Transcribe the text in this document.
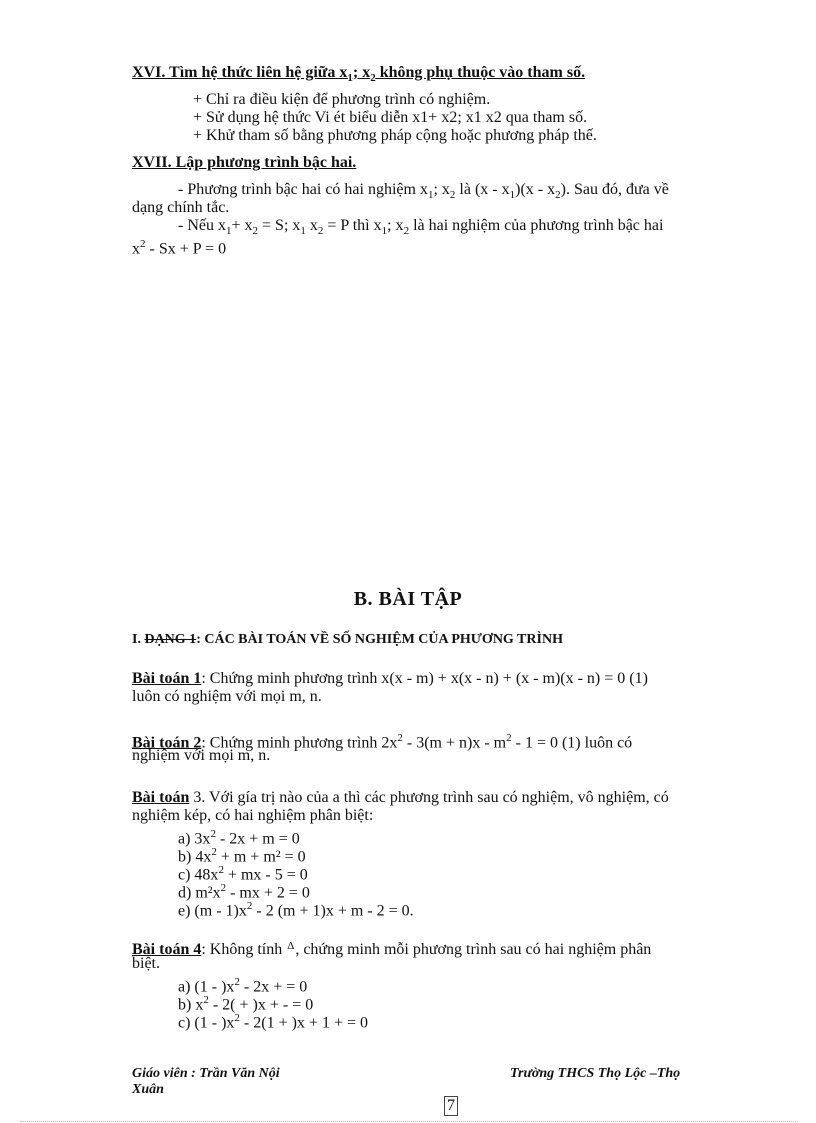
XVI. Tìm hệ thức liên hệ giữa $x_1$; $x_2$ không phụ thuộc vào tham số.
+ Chỉ ra điều kiện để phương trình có nghiệm.
+ Sử dụng hệ thức Vi ét biểu diễn x1+ x2; x1 x2 qua tham số.
+ Khử tham số bằng phương pháp cộng hoặc phương pháp thế.
XVII. Lập phương trình bậc hai.
- Phương trình bậc hai có hai nghiệm $x_1$; $x_2$ là $(x - x_1)(x - x_2)$. Sau đó, đưa về
dạng chính tắc.
- Nếu $x_1+ x_2 = S$; $x_1$ $x_2 = P$ thì $x_1$; $x_2$ là hai nghiệm của phương trình bậc hai
$x^2 - Sx + P = 0$
B. BÀI TẬP
I. DẠNG 1: CÁC BÀI TOÁN VỀ SỐ NGHIỆM CỦA PHƯƠNG TRÌNH
Bài toán 1: Chứng minh phương trình x(x - m) + x(x - n) + (x - m)(x - n) = 0 (1)
luôn có nghiệm với mọi m, n.
Bài toán 2: Chứng minh phương trình $2x^2 - 3(m + n)x - m^2 - 1 = 0$ (1) luôn có
nghiệm với mọi m, n.
Bài toán 3. Với gía trị nào của a thì các phương trình sau có nghiệm, vô nghiệm, có
nghiệm kép, có hai nghiệm phân biệt:
a) $3x^2 - 2x + m = 0$
b) $4x^2 + m + m^2 = 0$
c) $48x^2$ + mx - 5 = 0
d) $m^2x^2$ - mx + 2 = 0
e) $(m - 1)x^2 - 2$ (m + 1)x + m - 2 = 0.
Bài toán 4: Không tính Δ, chứng minh mỗi phương trình sau có hai nghiệm phân
biệt.
a) $(1 - )x^2 - 2x$ + = 0
b) $x^2 - 2( + )x$ + - = 0
c) $(1 - )x^2 - 2(1 + )x + 1$ + = 0
Giáo viên : Trần Văn Nội	Trường THCS Thọ Lộc –Thọ
Xuân
7
